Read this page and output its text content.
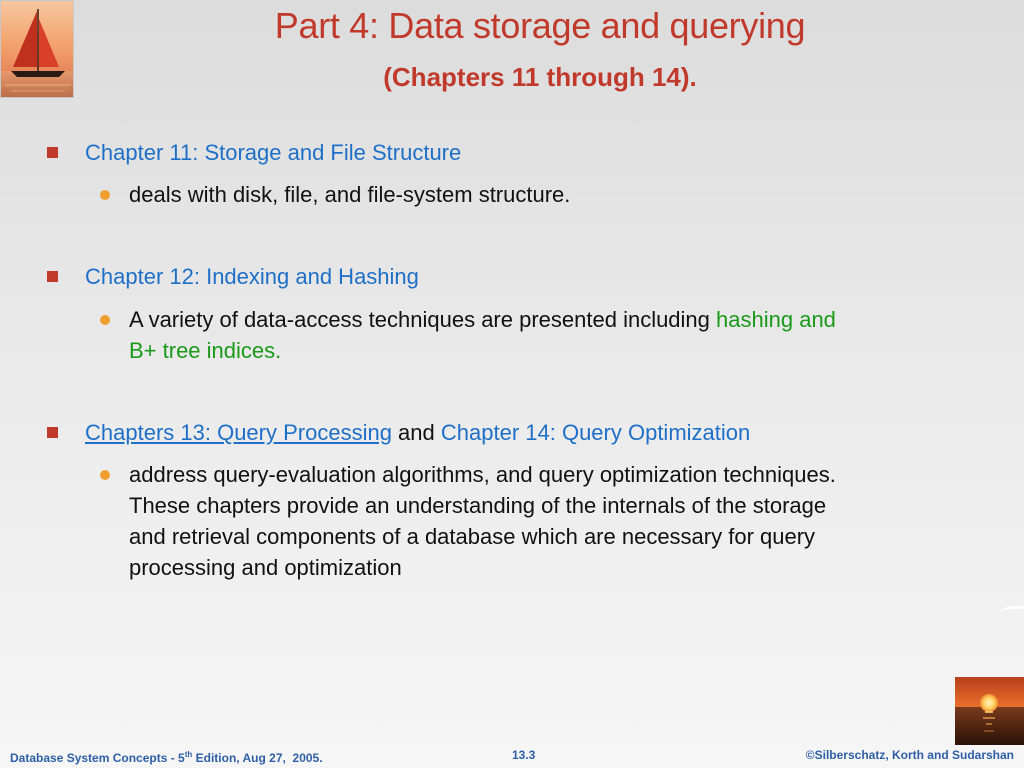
Part 4: Data storage and querying
(Chapters 11 through 14).
Chapter 11: Storage and File Structure
deals with disk, file, and file-system structure.
Chapter 12: Indexing and Hashing
A variety of data-access techniques are presented including hashing and
B+ tree indices.
Chapters 13: Query Processing and Chapter 14: Query Optimization
address query-evaluation algorithms, and query optimization techniques.
These chapters provide an understanding of the internals of the storage
and retrieval components of a database which are necessary for query
processing and optimization
Database System Concepts - 5th Edition, Aug 27,  2005.	13.3	©Silberschatz, Korth and Sudarshan
